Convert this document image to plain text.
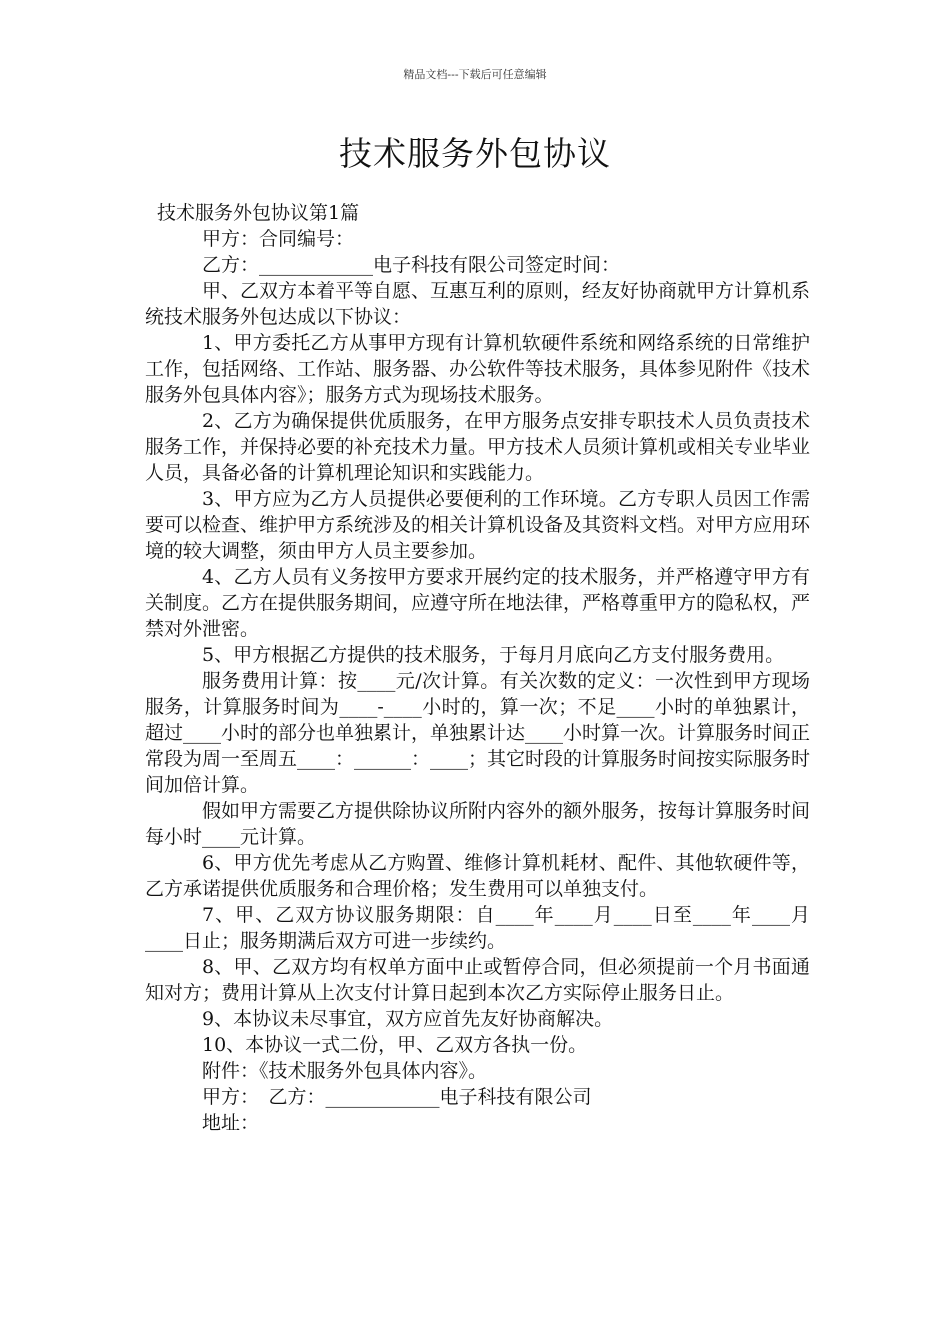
精品文档---下载后可任意编辑
技术服务外包协议

技术服务外包协议第1篇

甲方：合同编号：

乙方：____________电子科技有限公司签定时间：

甲、乙双方本着平等自愿、互惠互利的原则，经友好协商就甲方计算机系统技术服务外包达成以下协议：

1、甲方委托乙方从事甲方现有计算机软硬件系统和网络系统的日常维护工作，包括网络、工作站、服务器、办公软件等技术服务，具体参见附件《技术服务外包具体内容》；服务方式为现场技术服务。

2、乙方为确保提供优质服务，在甲方服务点安排专职技术人员负责技术服务工作，并保持必要的补充技术力量。甲方技术人员须计算机或相关专业毕业人员，具备必备的计算机理论知识和实践能力。

3、甲方应为乙方人员提供必要便利的工作环境。乙方专职人员因工作需要可以检查、维护甲方系统涉及的相关计算机设备及其资料文档。对甲方应用环境的较大调整，须由甲方人员主要参加。

4、乙方人员有义务按甲方要求开展约定的技术服务，并严格遵守甲方有关制度。乙方在提供服务期间，应遵守所在地法律，严格尊重甲方的隐私权，严禁对外泄密。

5、甲方根据乙方提供的技术服务，于每月月底向乙方支付服务费用。

服务费用计算：按____元/次计算。有关次数的定义：一次性到甲方现场服务，计算服务时间为____-____小时的，算一次；不足____小时的单独累计，超过____小时的部分也单独累计，单独累计达____小时算一次。计算服务时间正常段为周一至周五____：______：____；其它时段的计算服务时间按实际服务时间加倍计算。

假如甲方需要乙方提供除协议所附内容外的额外服务，按每计算服务时间每小时____元计算。

6、甲方优先考虑从乙方购置、维修计算机耗材、配件、其他软硬件等，乙方承诺提供优质服务和合理价格；发生费用可以单独支付。

7、甲、乙双方协议服务期限：自____年____月____日至____年____月____日止；服务期满后双方可进一步续约。

8、甲、乙双方均有权单方面中止或暂停合同，但必须提前一个月书面通知对方；费用计算从上次支付计算日起到本次乙方实际停止服务日止。

9、本协议未尽事宜，双方应首先友好协商解决。

10、本协议一式二份，甲、乙双方各执一份。

附件：《技术服务外包具体内容》。

甲方：　乙方：____________电子科技有限公司

地址：
